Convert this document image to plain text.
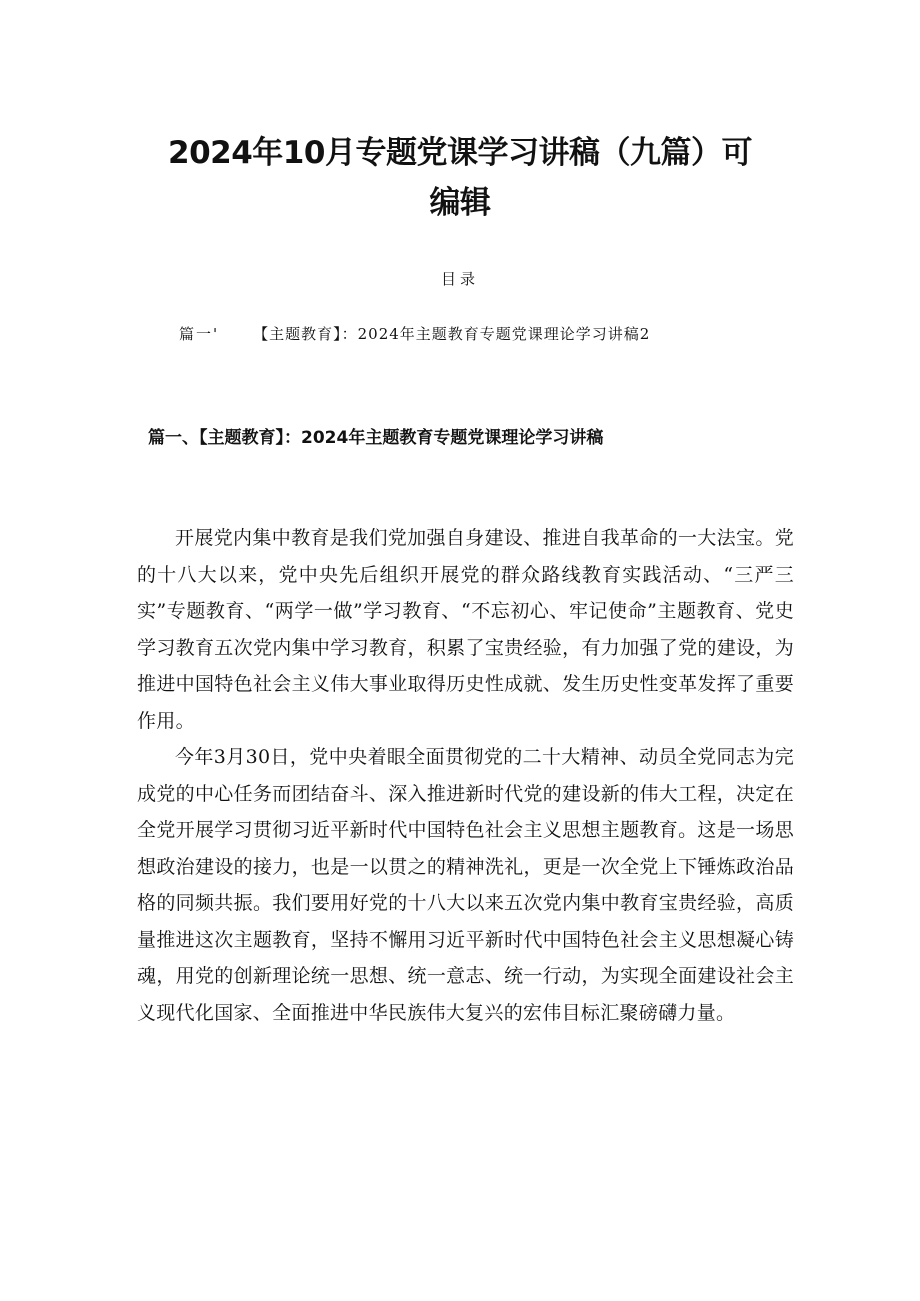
2024年10月专题党课学习讲稿（九篇）可
编辑
目录
篇一' 【主题教育】：2024年主题教育专题党课理论学习讲稿2
篇一、【主题教育】：2024年主题教育专题党课理论学习讲稿

开展党内集中教育是我们党加强自身建设、推进自我革命的一大法宝。党的十八大以来，党中央先后组织开展党的群众路线教育实践活动、“三严三实”专题教育、“两学一做”学习教育、“不忘初心、牢记使命”主题教育、党史学习教育五次党内集中学习教育，积累了宝贵经验，有力加强了党的建设，为推进中国特色社会主义伟大事业取得历史性成就、发生历史性变革发挥了重要作用。

今年3月30日，党中央着眼全面贯彻党的二十大精神、动员全党同志为完成党的中心任务而团结奋斗、深入推进新时代党的建设新的伟大工程，决定在全党开展学习贯彻习近平新时代中国特色社会主义思想主题教育。这是一场思想政治建设的接力，也是一以贯之的精神洗礼，更是一次全党上下锤炼政治品格的同频共振。我们要用好党的十八大以来五次党内集中教育宝贵经验，高质量推进这次主题教育，坚持不懈用习近平新时代中国特色社会主义思想凝心铸魂，用党的创新理论统一思想、统一意志、统一行动，为实现全面建设社会主义现代化国家、全面推进中华民族伟大复兴的宏伟目标汇聚磅礴力量。
